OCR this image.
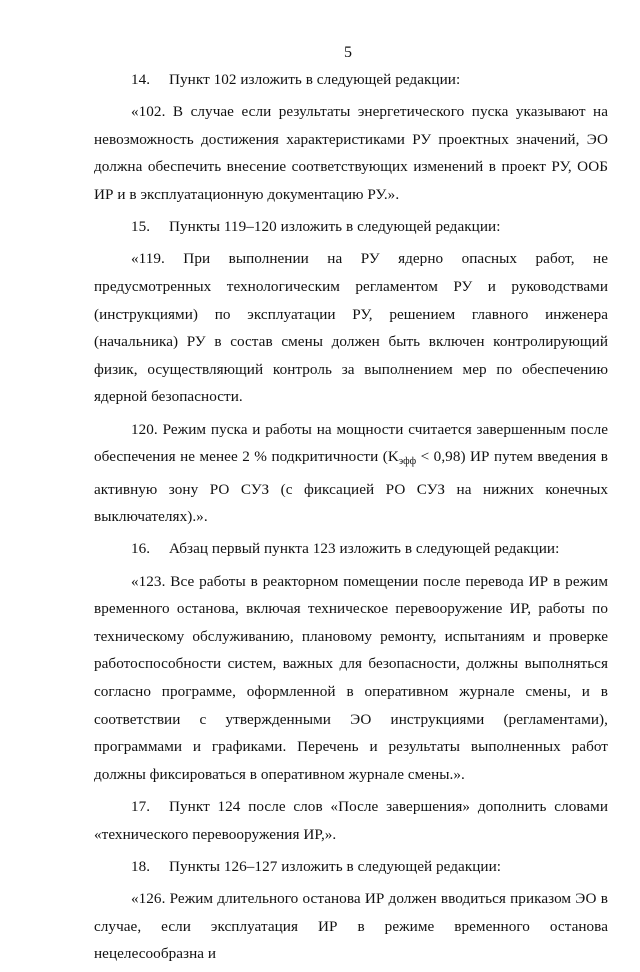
5

14. Пункт 102 изложить в следующей редакции:

«102. В случае если результаты энергетического пуска указывают на невозможность достижения характеристиками РУ проектных значений, ЭО должна обеспечить внесение соответствующих изменений в проект РУ, ООБ ИР и в эксплуатационную документацию РУ.».

15. Пункты 119–120 изложить в следующей редакции:

«119. При выполнении на РУ ядерно опасных работ, не предусмотренных технологическим регламентом РУ и руководствами (инструкциями) по эксплуатации РУ, решением главного инженера (начальника) РУ в состав смены должен быть включен контролирующий физик, осуществляющий контроль за выполнением мер по обеспечению ядерной безопасности.

120. Режим пуска и работы на мощности считается завершенным после обеспечения не менее 2 % подкритичности $(K_{эфф} < 0,98)$ ИР путем введения в активную зону РО СУЗ (с фиксацией РО СУЗ на нижних конечных выключателях).».

16. Абзац первый пункта 123 изложить в следующей редакции:

«123. Все работы в реакторном помещении после перевода ИР в режим временного останова, включая техническое перевооружение ИР, работы по техническому обслуживанию, плановому ремонту, испытаниям и проверке работоспособности систем, важных для безопасности, должны выполняться согласно программе, оформленной в оперативном журнале смены, и в соответствии с утвержденными ЭО инструкциями (регламентами), программами и графиками. Перечень и результаты выполненных работ должны фиксироваться в оперативном журнале смены.».

17. Пункт 124 после слов «После завершения» дополнить словами «технического перевооружения ИР,».

18. Пункты 126–127 изложить в следующей редакции:

«126. Режим длительного останова ИР должен вводиться приказом ЭО в случае, если эксплуатация ИР в режиме временного останова нецелесообразна и
